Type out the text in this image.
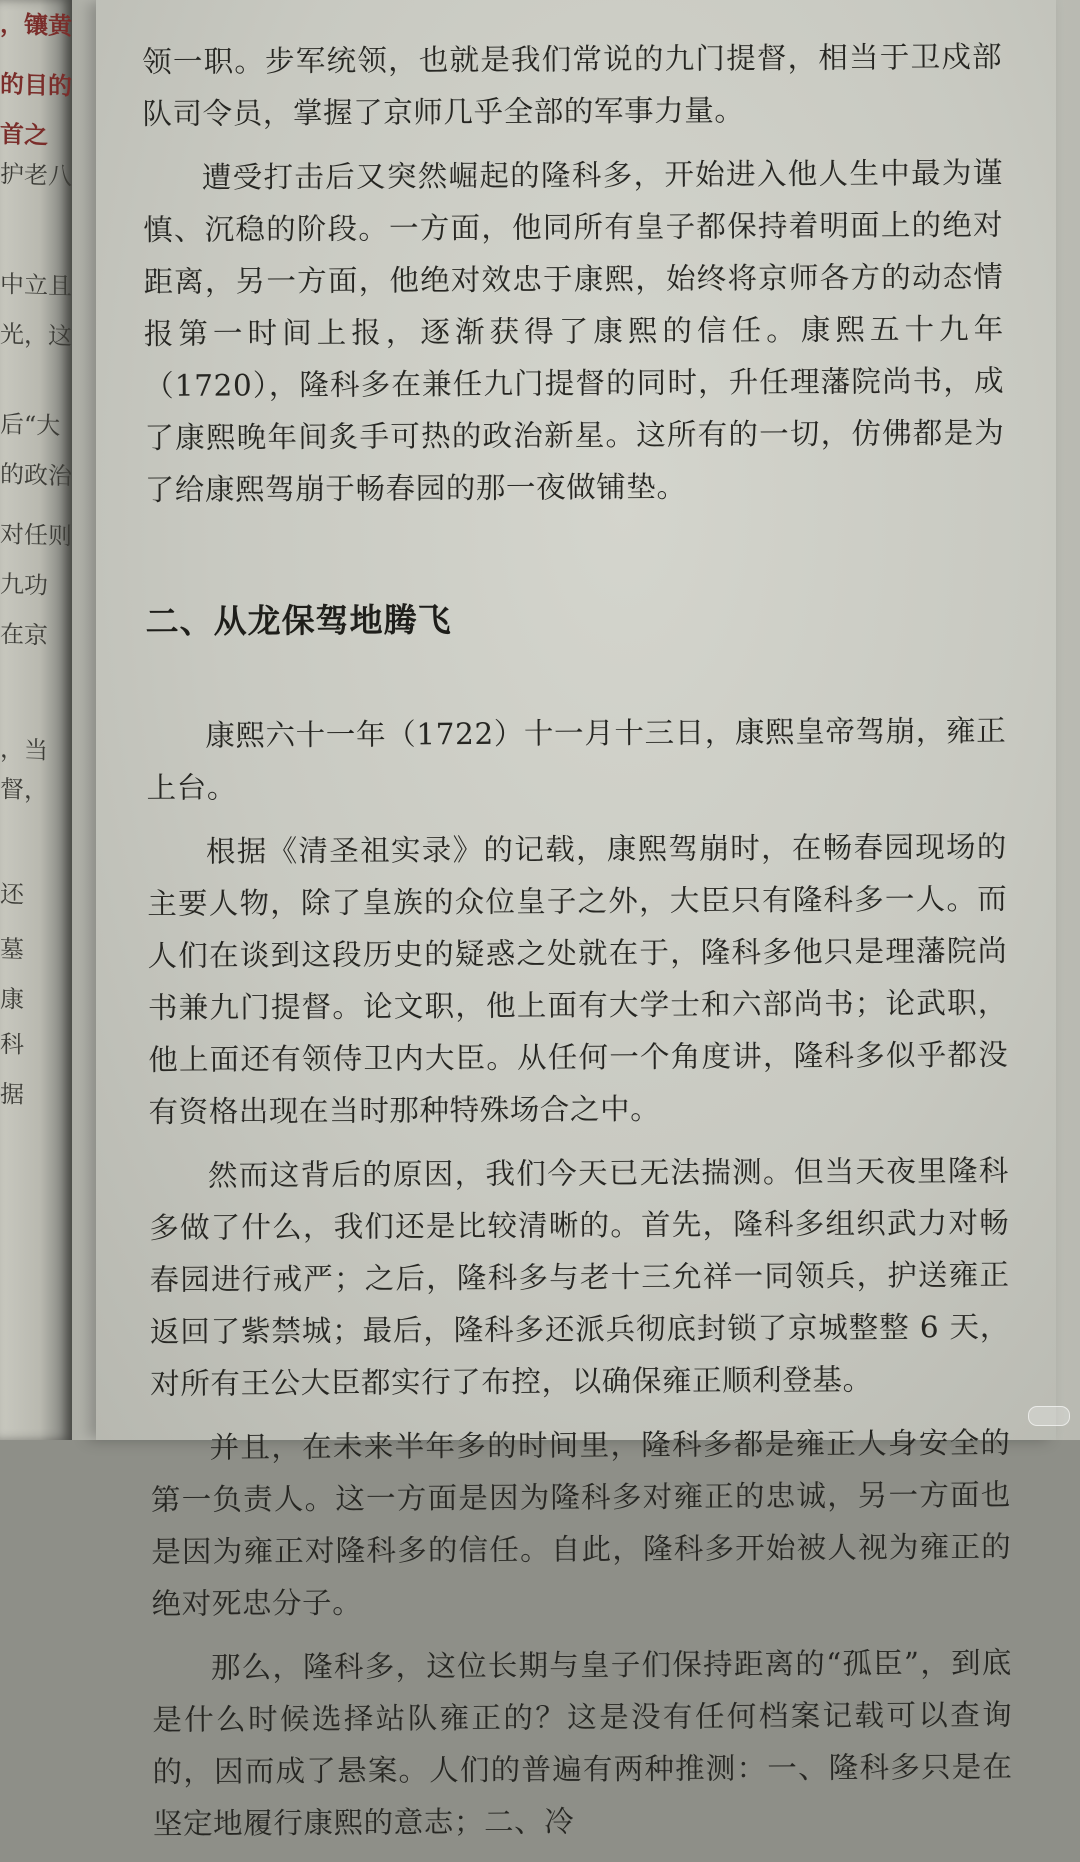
，镶黄
的目的
首之
护老八
中立且
光，这
后“大
的政治
对任则
九功
在京
，当
督，
还
墓
康
科
据

领一职。步军统领，也就是我们常说的九门提督，相当于卫戍部队司令员，掌握了京师几乎全部的军事力量。

遭受打击后又突然崛起的隆科多，开始进入他人生中最为谨慎、沉稳的阶段。一方面，他同所有皇子都保持着明面上的绝对距离，另一方面，他绝对效忠于康熙，始终将京师各方的动态情报第一时间上报，逐渐获得了康熙的信任。康熙五十九年（1720），隆科多在兼任九门提督的同时，升任理藩院尚书，成了康熙晚年间炙手可热的政治新星。这所有的一切，仿佛都是为了给康熙驾崩于畅春园的那一夜做铺垫。

二、从龙保驾地腾飞

康熙六十一年（1722）十一月十三日，康熙皇帝驾崩，雍正上台。

根据《清圣祖实录》的记载，康熙驾崩时，在畅春园现场的主要人物，除了皇族的众位皇子之外，大臣只有隆科多一人。而人们在谈到这段历史的疑惑之处就在于，隆科多他只是理藩院尚书兼九门提督。论文职，他上面有大学士和六部尚书；论武职，他上面还有领侍卫内大臣。从任何一个角度讲，隆科多似乎都没有资格出现在当时那种特殊场合之中。

然而这背后的原因，我们今天已无法揣测。但当天夜里隆科多做了什么，我们还是比较清晰的。首先，隆科多组织武力对畅春园进行戒严；之后，隆科多与老十三允祥一同领兵，护送雍正返回了紫禁城；最后，隆科多还派兵彻底封锁了京城整整 6 天，对所有王公大臣都实行了布控，以确保雍正顺利登基。

并且，在未来半年多的时间里，隆科多都是雍正人身安全的第一负责人。这一方面是因为隆科多对雍正的忠诚，另一方面也是因为雍正对隆科多的信任。自此，隆科多开始被人视为雍正的绝对死忠分子。

那么，隆科多，这位长期与皇子们保持距离的“孤臣”，到底是什么时候选择站队雍正的？这是没有任何档案记载可以查询的，因而成了悬案。人们的普遍有两种推测：一、隆科多只是在坚定地履行康熙的意志；二、冷
